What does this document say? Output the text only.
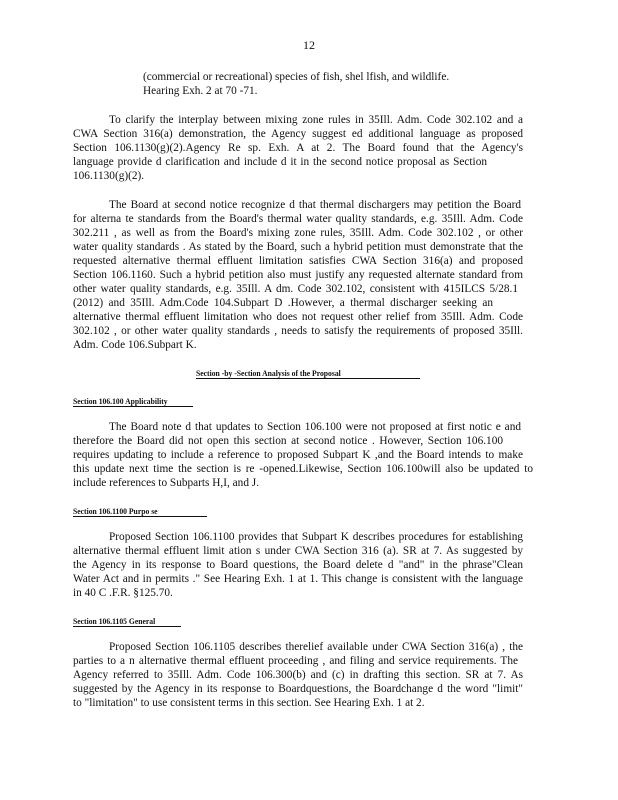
12
(commercial or recreational) species of fish, shel lfish, and wildlife.
Hearing Exh. 2 at 70 -71.
To clarify the interplay between mixing zone rules in 35Ill. Adm. Code 302.102 and a
CWA Section 316(a) demonstration, the Agency suggest ed additional language as proposed
Section 106.1130(g)(2).Agency Re sp. Exh. A at 2. The Board found that the Agency's
language provide d clarification and include d it in the second notice proposal as Section
106.1130(g)(2).
The Board at second notice recognize d that thermal dischargers may petition the Board
for alterna te standards from the Board's thermal water quality standards, e.g. 35Ill. Adm. Code
302.211 , as well as from the Board's mixing zone rules, 35Ill. Adm. Code 302.102 , or other
water quality standards . As stated by the Board, such a hybrid petition must demonstrate that the
requested alternative thermal effluent limitation satisfies CWA Section 316(a) and proposed
Section 106.1160. Such a hybrid petition also must justify any requested alternate standard from
other water quality standards, e.g. 35Ill. A dm. Code 302.102, consistent with 415ILCS 5/28.1
(2012) and 35Ill. Adm.Code 104.Subpart D .However, a thermal discharger seeking an
alternative thermal effluent limitation who does not request other relief from 35Ill. Adm. Code
302.102 , or other water quality standards , needs to satisfy the requirements of proposed 35Ill.
Adm. Code 106.Subpart K.
Section -by -Section Analysis of the Proposal
Section 106.100 Applicability
The Board note d that updates to Section 106.100 were not proposed at first notic e and
therefore the Board did not open this section at second notice . However, Section 106.100
requires updating to include a reference to proposed Subpart K ,and the Board intends to make
this update next time the section is re -opened.Likewise, Section 106.100will also be updated to
include references to Subparts H,I, and J.
Section 106.1100 Purpo se
Proposed Section 106.1100 provides that Subpart K describes procedures for establishing
alternative thermal effluent limit ation s under CWA Section 316 (a). SR at 7. As suggested by
the Agency in its response to Board questions, the Board delete d "and" in the phrase"Clean
Water Act and in permits ." See Hearing Exh. 1 at 1. This change is consistent with the language
in 40 C .F.R. §125.70.
Section 106.1105 General
Proposed Section 106.1105 describes therelief available under CWA Section 316(a) , the
parties to a n alternative thermal effluent proceeding , and filing and service requirements. The
Agency referred to 35Ill. Adm. Code 106.300(b) and (c) in drafting this section. SR at 7. As
suggested by the Agency in its response to Boardquestions, the Boardchange d the word "limit"
to "limitation" to use consistent terms in this section. See Hearing Exh. 1 at 2.
